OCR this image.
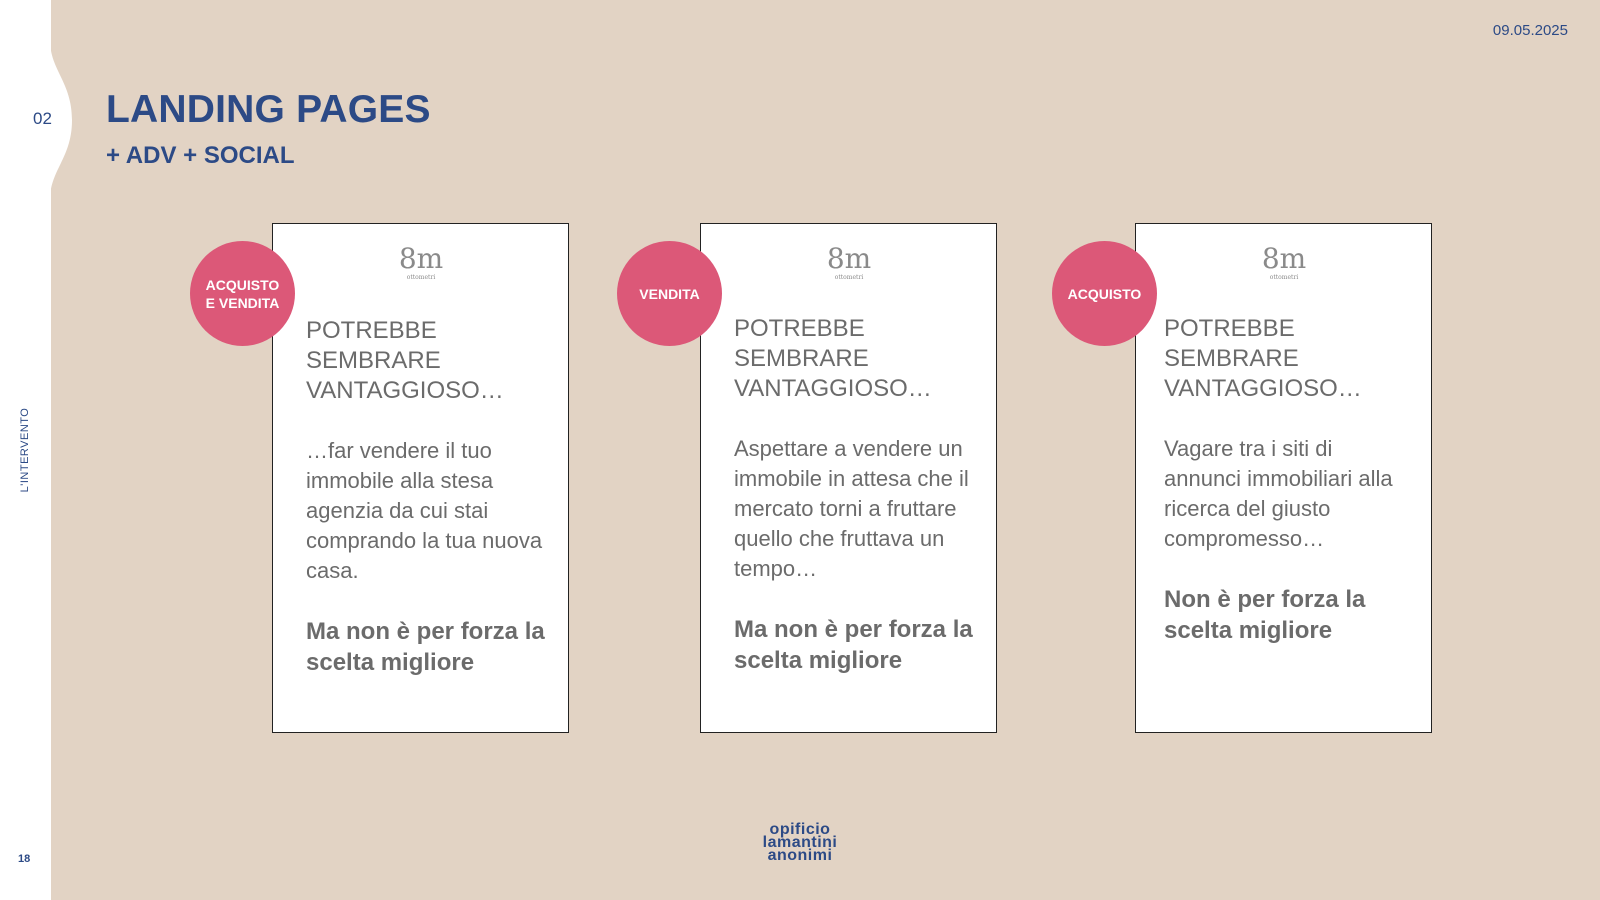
02
L'INTERVENTO
18
09.05.2025
LANDING PAGES
+ ADV + SOCIAL
8m
ottometri

POTREBBE
SEMBRARE
VANTAGGIOSO…

…far vendere il tuo immobile alla stesa agenzia da cui stai comprando la tua nuova casa.

Ma non è per forza la scelta migliore

ACQUISTO
E VENDITA
8m
ottometri

POTREBBE
SEMBRARE
VANTAGGIOSO…

Aspettare a vendere un immobile in attesa che il mercato torni a fruttare quello che fruttava un tempo…

Ma non è per forza la scelta migliore

VENDITA
8m
ottometri

POTREBBE
SEMBRARE
VANTAGGIOSO…

Vagare tra i siti di annunci immobiliari alla ricerca del giusto compromesso…

Non è per forza la scelta migliore

ACQUISTO
opificio
lamantini
anonimi
